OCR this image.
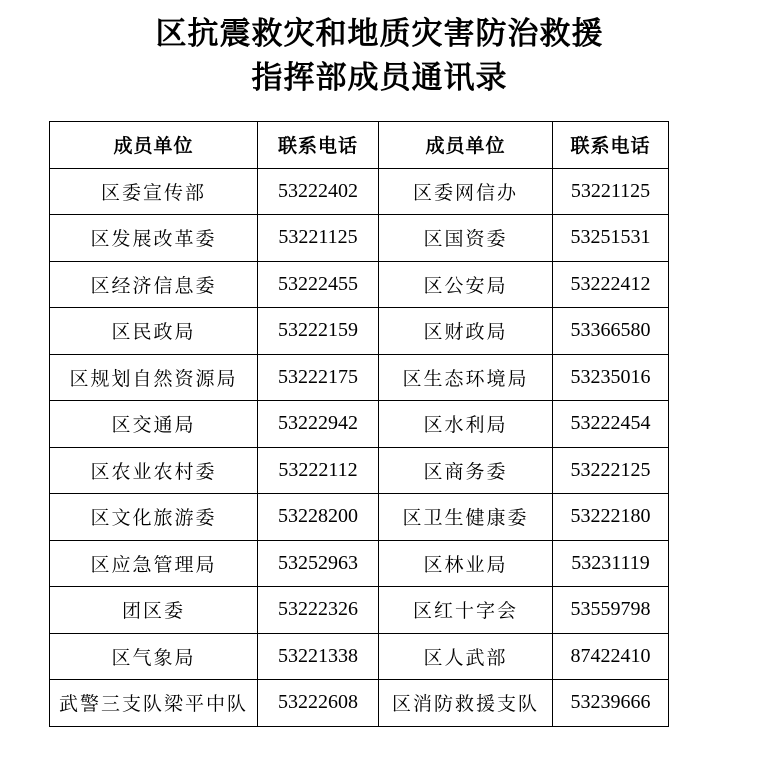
区抗震救灾和地质灾害防治救援
指挥部成员通讯录
成员单位	联系电话	成员单位	联系电话
区委宣传部	53222402	区委网信办	53221125
区发展改革委	53221125	区国资委	53251531
区经济信息委	53222455	区公安局	53222412
区民政局	53222159	区财政局	53366580
区规划自然资源局	53222175	区生态环境局	53235016
区交通局	53222942	区水利局	53222454
区农业农村委	53222112	区商务委	53222125
区文化旅游委	53228200	区卫生健康委	53222180
区应急管理局	53252963	区林业局	53231119
团区委	53222326	区红十字会	53559798
区气象局	53221338	区人武部	87422410
武警三支队梁平中队	53222608	区消防救援支队	53239666
